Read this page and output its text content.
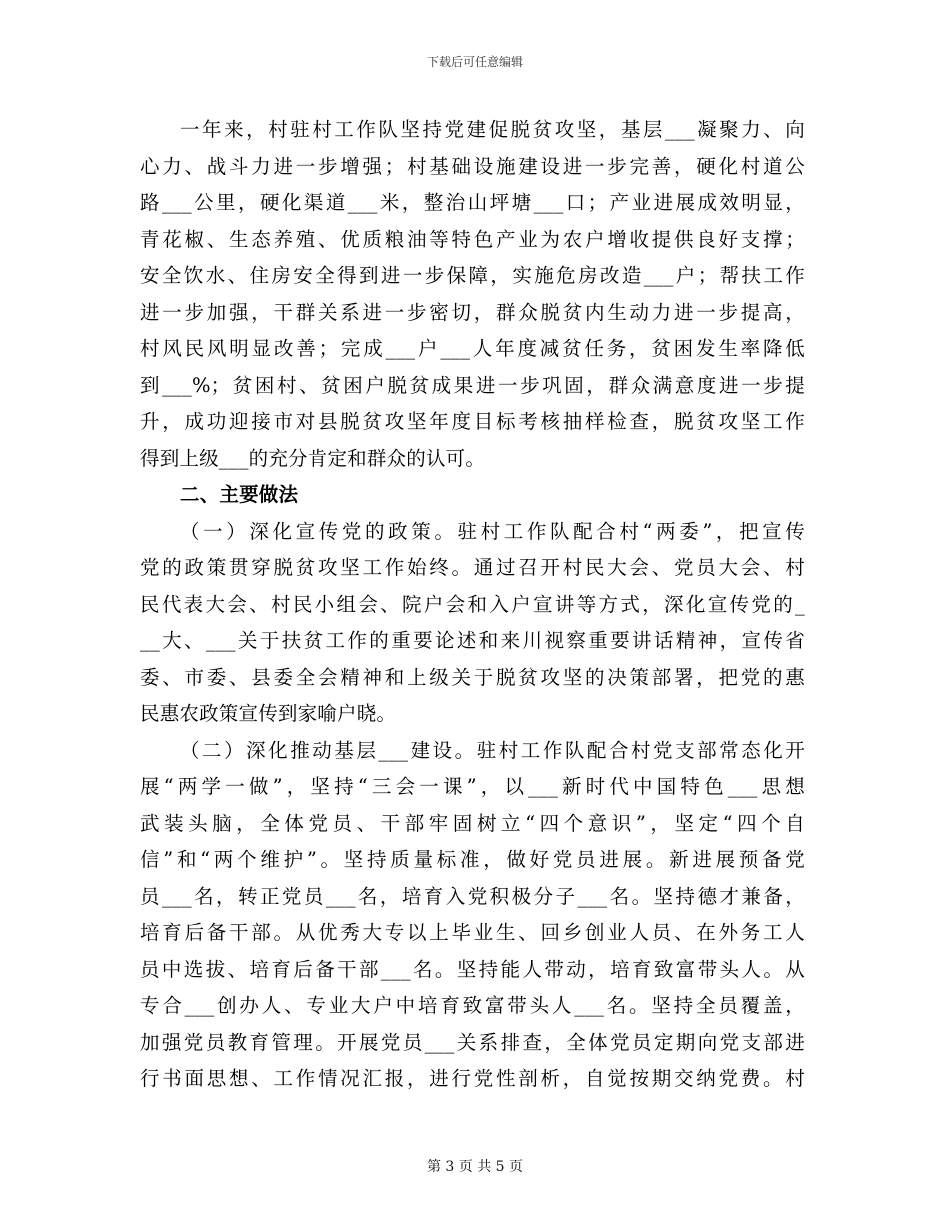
下载后可任意编辑
一年来，村驻村工作队坚持党建促脱贫攻坚，基层___凝聚力、向
心力、战斗力进一步增强；村基础设施建设进一步完善，硬化村道公
路___公里，硬化渠道___米，整治山坪塘___口；产业进展成效明显，
青花椒、生态养殖、优质粮油等特色产业为农户增收提供良好支撑；
安全饮水、住房安全得到进一步保障，实施危房改造___户；帮扶工作
进一步加强，干群关系进一步密切，群众脱贫内生动力进一步提高，
村风民风明显改善；完成___户___人年度减贫任务，贫困发生率降低
到___%；贫困村、贫困户脱贫成果进一步巩固，群众满意度进一步提
升，成功迎接市对县脱贫攻坚年度目标考核抽样检查，脱贫攻坚工作
得到上级___的充分肯定和群众的认可。
二、主要做法
（一）深化宣传党的政策。驻村工作队配合村“两委”，把宣传
党的政策贯穿脱贫攻坚工作始终。通过召开村民大会、党员大会、村
民代表大会、村民小组会、院户会和入户宣讲等方式，深化宣传党的_
__大、___关于扶贫工作的重要论述和来川视察重要讲话精神，宣传省
委、市委、县委全会精神和上级关于脱贫攻坚的决策部署，把党的惠
民惠农政策宣传到家喻户晓。
（二）深化推动基层___建设。驻村工作队配合村党支部常态化开
展“两学一做”，坚持“三会一课”，以___新时代中国特色___思想
武装头脑，全体党员、干部牢固树立“四个意识”，坚定“四个自
信”和“两个维护”。坚持质量标准，做好党员进展。新进展预备党
员___名，转正党员___名，培育入党积极分子___名。坚持德才兼备，
培育后备干部。从优秀大专以上毕业生、回乡创业人员、在外务工人
员中选拔、培育后备干部___名。坚持能人带动，培育致富带头人。从
专合___创办人、专业大户中培育致富带头人___名。坚持全员覆盖，
加强党员教育管理。开展党员___关系排查，全体党员定期向党支部进
行书面思想、工作情况汇报，进行党性剖析，自觉按期交纳党费。村
第 3 页 共 5 页
